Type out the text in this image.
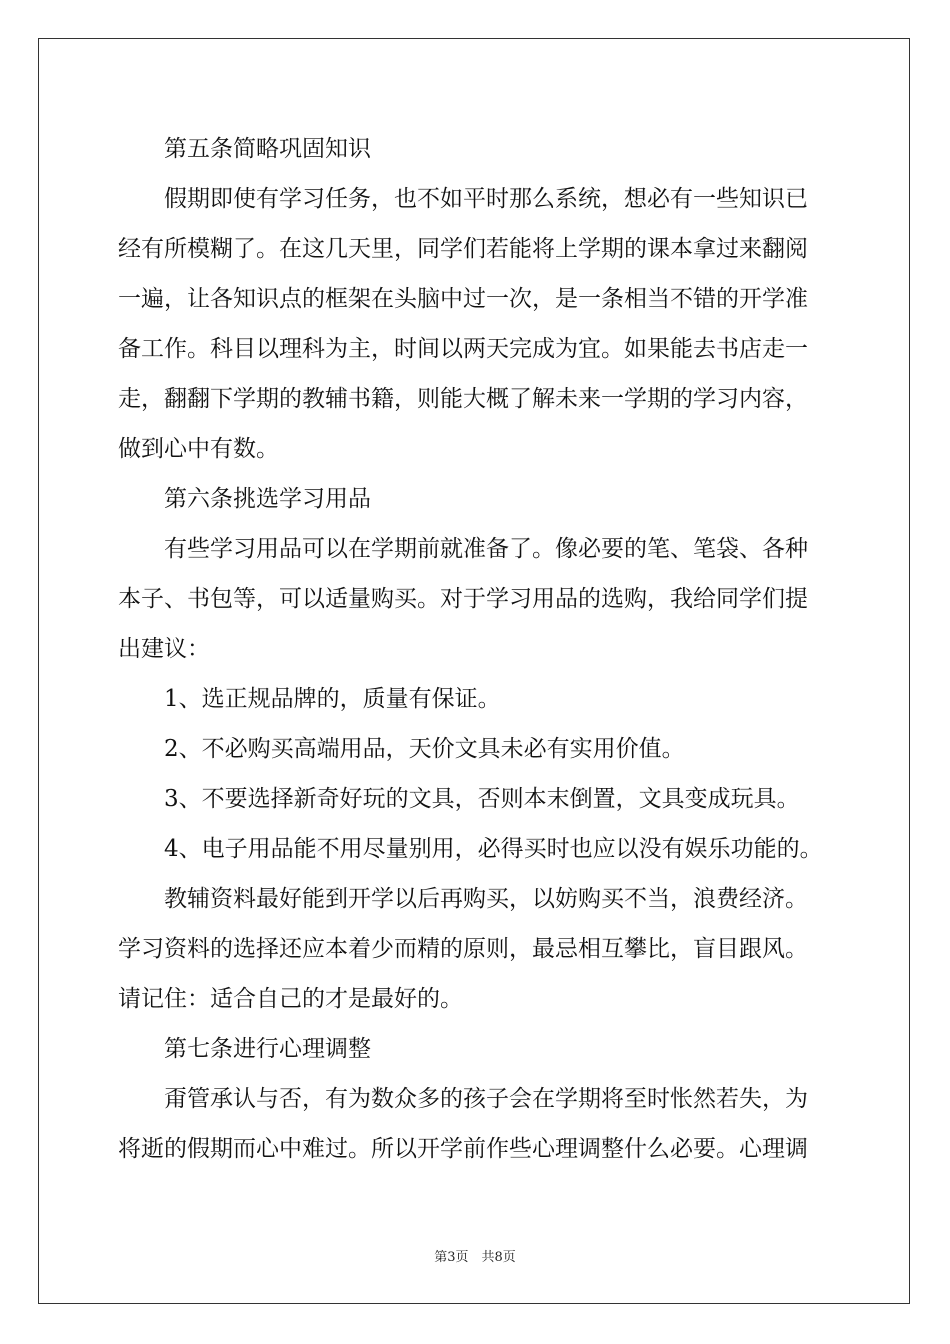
第五条简略巩固知识
假期即使有学习任务，也不如平时那么系统，想必有一些知识已
经有所模糊了。在这几天里，同学们若能将上学期的课本拿过来翻阅
一遍，让各知识点的框架在头脑中过一次，是一条相当不错的开学准
备工作。科目以理科为主，时间以两天完成为宜。如果能去书店走一
走，翻翻下学期的教辅书籍，则能大概了解未来一学期的学习内容，
做到心中有数。
第六条挑选学习用品
有些学习用品可以在学期前就准备了。像必要的笔、笔袋、各种
本子、书包等，可以适量购买。对于学习用品的选购，我给同学们提
出建议：
1、选正规品牌的，质量有保证。
2、不必购买高端用品，天价文具未必有实用价值。
3、不要选择新奇好玩的文具，否则本末倒置，文具变成玩具。
4、电子用品能不用尽量别用，必得买时也应以没有娱乐功能的。
教辅资料最好能到开学以后再购买，以妨购买不当，浪费经济。
学习资料的选择还应本着少而精的原则，最忌相互攀比，盲目跟风。
请记住：适合自己的才是最好的。
第七条进行心理调整
甭管承认与否，有为数众多的孩子会在学期将至时怅然若失，为
将逝的假期而心中难过。所以开学前作些心理调整什么必要。心理调
第3页　共8页
